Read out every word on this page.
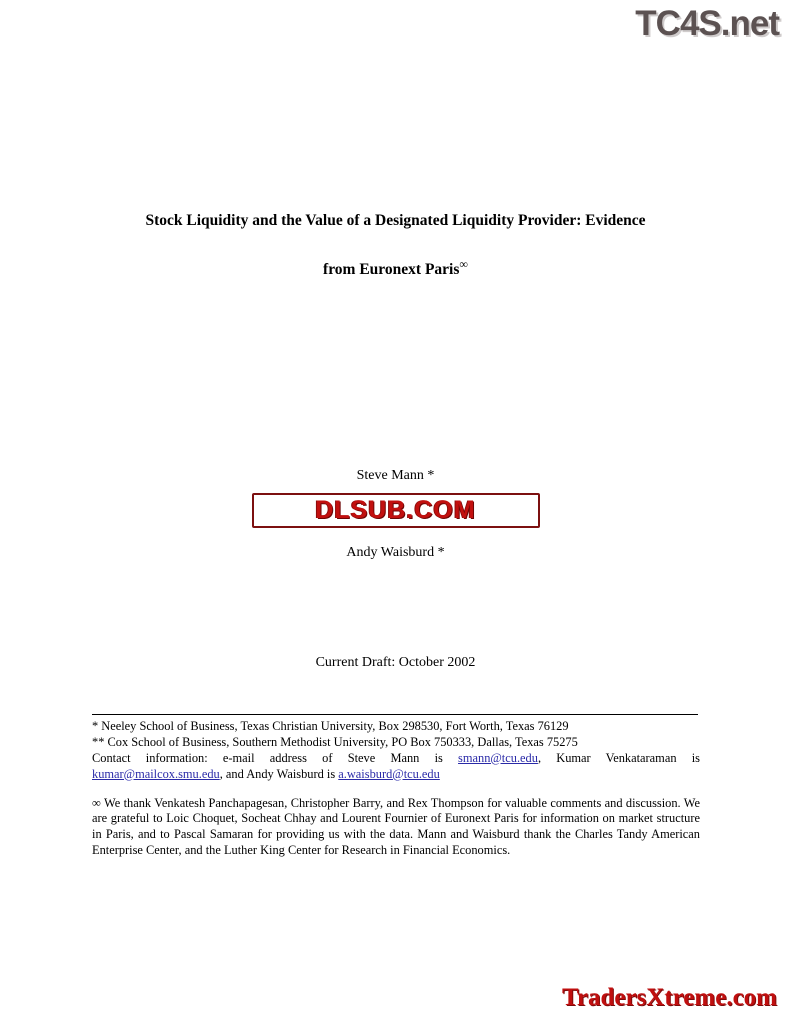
TC4S.net
Stock Liquidity and the Value of a Designated Liquidity Provider: Evidence
from Euronext Paris∞
Steve Mann *
Andy Waisburd *
DLSUB.COM
Current Draft: October 2002

* Neeley School of Business, Texas Christian University, Box 298530, Fort Worth, Texas 76129

** Cox School of Business, Southern Methodist University, PO Box 750333, Dallas, Texas 75275

Contact information: e-mail address of Steve Mann is smann@tcu.edu, Kumar Venkataraman is kumar@mailcox.smu.edu, and Andy Waisburd is a.waisburd@tcu.edu

∞ We thank Venkatesh Panchapagesan, Christopher Barry, and Rex Thompson for valuable comments and discussion. We are grateful to Loic Choquet, Socheat Chhay and Lourent Fournier of Euronext Paris for information on market structure in Paris, and to Pascal Samaran for providing us with the data. Mann and Waisburd thank the Charles Tandy American Enterprise Center, and the Luther King Center for Research in Financial Economics.

TradersXtreme.com
